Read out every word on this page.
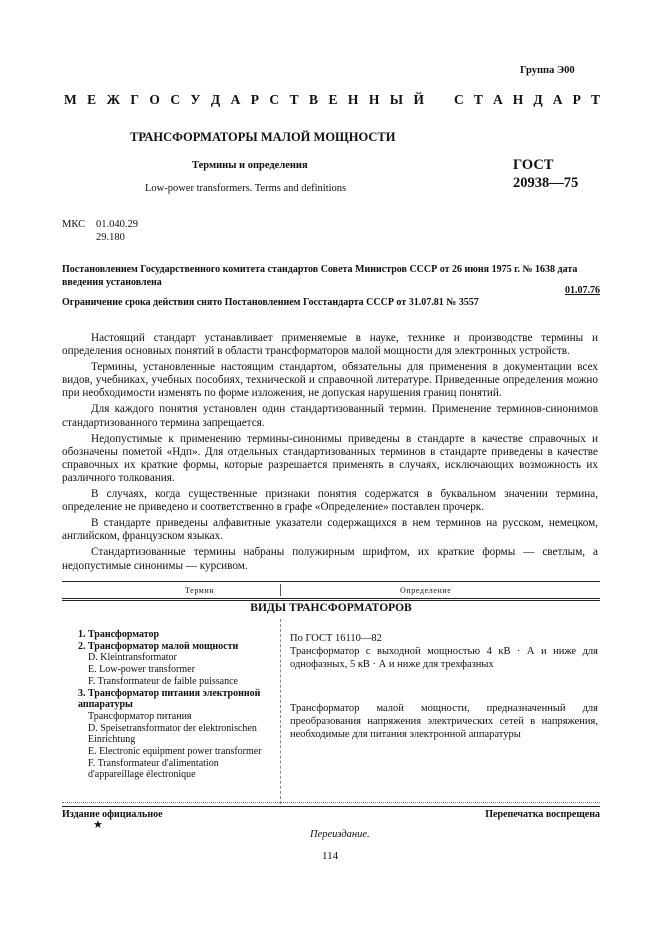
Группа Э00
М Е Ж Г О С У Д А Р С Т В Е Н Н Ы Й С Т А Н Д А Р Т
ТРАНСФОРМАТОРЫ МАЛОЙ МОЩНОСТИ
Термины и определения
Low-power transformers. Terms and definitions
ГОСТ
20938—75
МКС 01.040.29
29.180
Постановлением Государственного комитета стандартов Совета Министров СССР от 26 июня 1975 г. № 1638 дата введения установлена
01.07.76
Ограничение срока действия снято Постановлением Госстандарта СССР от 31.07.81 № 3557

Настоящий стандарт устанавливает применяемые в науке, технике и производстве термины и определения основных понятий в области трансформаторов малой мощности для электронных устройств.

Термины, установленные настоящим стандартом, обязательны для применения в документации всех видов, учебниках, учебных пособиях, технической и справочной литературе. Приведенные определения можно при необходимости изменять по форме изложения, не допуская нарушения границ понятий.

Для каждого понятия установлен один стандартизованный термин. Применение терминов-синонимов стандартизованного термина запрещается.

Недопустимые к применению термины-синонимы приведены в стандарте в качестве справочных и обозначены пометой «Ндп». Для отдельных стандартизованных терминов в стандарте приведены в качестве справочных их краткие формы, которые разрешается применять в случаях, исключающих возможность их различного толкования.

В случаях, когда существенные признаки понятия содержатся в буквальном значении термина, определение не приведено и соответственно в графе «Определение» поставлен прочерк.

В стандарте приведены алфавитные указатели содержащихся в нем терминов на русском, немецком, английском, французском языках.

Стандартизованные термины набраны полужирным шрифтом, их краткие формы — светлым, а недопустимые синонимы — курсивом.

Термин	Определение
ВИДЫ ТРАНСФОРМАТОРОВ
1. Трансформатор
2. Трансформатор малой мощности
D. Kleintransformator
E. Low-power transformer
F. Transformateur de faible puissance
3. Трансформатор питания электронной аппаратуры
Трансформатор питания
D. Speisetransformator der elektronischen Einrichtung
E. Electronic equipment power transformer
F. Transformateur d'alimentation d'appareillage électronique

По ГОСТ 16110—82

Трансформатор с выходной мощностью 4 кВ · А и ниже для однофазных, 5 кВ · А и ниже для трехфазных

Трансформатор малой мощности, предназначенный для преобразования напряжения электрических сетей в напряжения, необходимые для питания электронной аппаратуры

Издание официальное	Перепечатка воспрещена
★
Переиздание.
114
